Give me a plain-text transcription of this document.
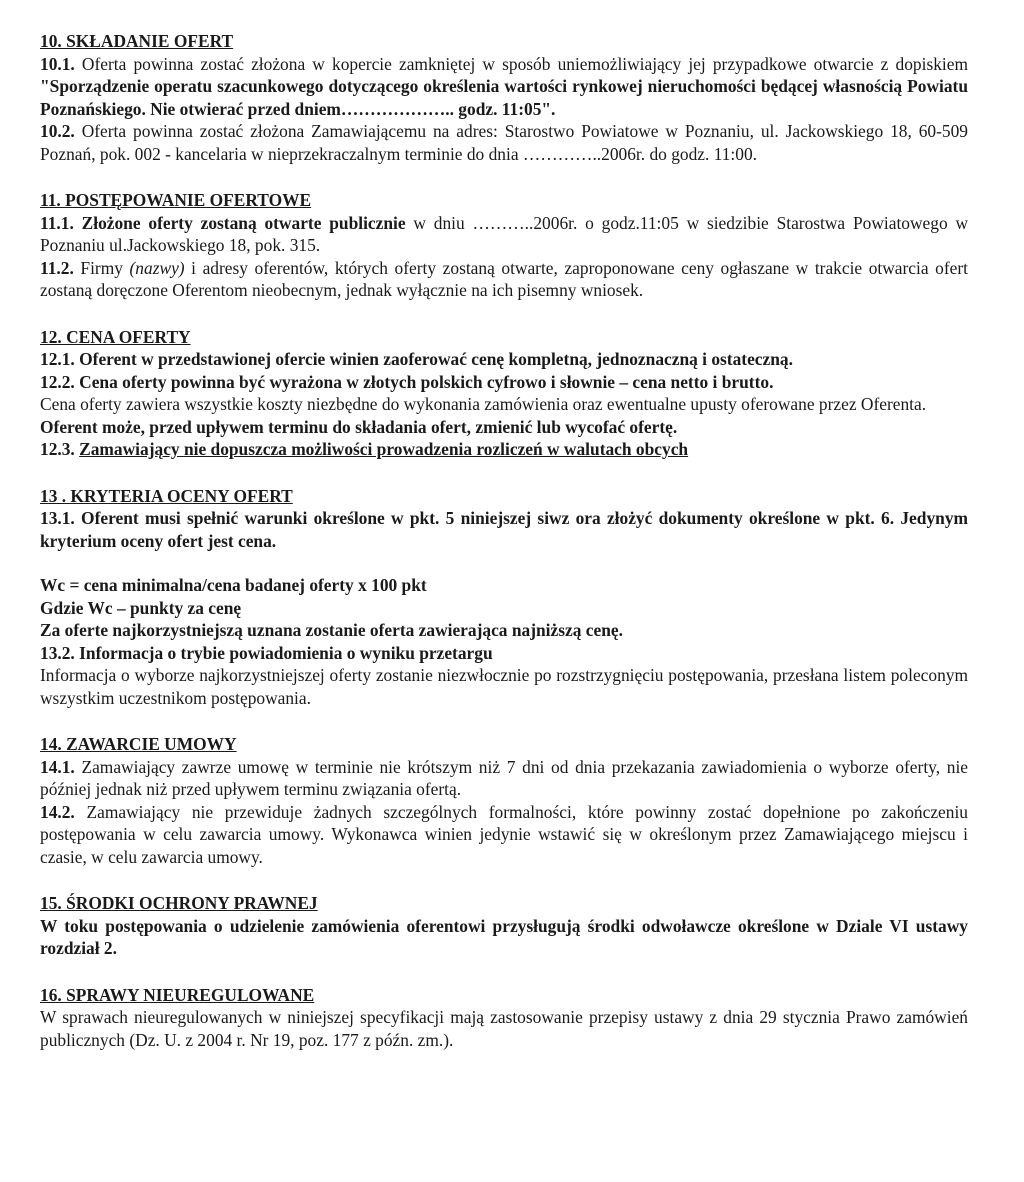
10. SKŁADANIE OFERT

10.1. Oferta powinna zostać złożona w kopercie zamkniętej w sposób uniemożliwiający jej przypadkowe otwarcie z dopiskiem "Sporządzenie operatu szacunkowego dotyczącego określenia wartości rynkowej nieruchomości będącej własnością Powiatu Poznańskiego. Nie otwierać przed dniem……………….. godz. 11:05".

10.2. Oferta powinna zostać złożona Zamawiającemu na adres: Starostwo Powiatowe w Poznaniu, ul. Jackowskiego 18, 60-509 Poznań, pok. 002 - kancelaria w nieprzekraczalnym terminie do dnia …………..2006r. do godz. 11:00.

11. POSTĘPOWANIE OFERTOWE

11.1. Złożone oferty zostaną otwarte publicznie w dniu ………..2006r. o godz.11:05 w siedzibie Starostwa Powiatowego w Poznaniu ul.Jackowskiego 18, pok. 315.

11.2. Firmy (nazwy) i adresy oferentów, których oferty zostaną otwarte, zaproponowane ceny ogłaszane w trakcie otwarcia ofert zostaną doręczone Oferentom nieobecnym, jednak wyłącznie na ich pisemny wniosek.

12. CENA OFERTY

12.1. Oferent w przedstawionej ofercie winien zaoferować cenę kompletną, jednoznaczną i ostateczną.

12.2. Cena oferty powinna być wyrażona w złotych polskich cyfrowo i słownie – cena netto i brutto.

Cena oferty zawiera wszystkie koszty niezbędne do wykonania zamówienia oraz ewentualne upusty oferowane przez Oferenta.

Oferent może, przed upływem terminu do składania ofert, zmienić lub wycofać ofertę.

12.3. Zamawiający nie dopuszcza możliwości prowadzenia rozliczeń w walutach obcych

13 . KRYTERIA OCENY OFERT

13.1. Oferent musi spełnić warunki określone w pkt. 5 niniejszej siwz ora złożyć dokumenty określone w pkt. 6. Jedynym kryterium oceny ofert jest cena.

Wc = cena minimalna/cena badanej oferty x 100 pkt

Gdzie Wc – punkty za cenę

Za oferte najkorzystniejszą uznana zostanie oferta zawierająca najniższą cenę.

13.2. Informacja o trybie powiadomienia o wyniku przetargu

Informacja o wyborze najkorzystniejszej oferty zostanie niezwłocznie po rozstrzygnięciu postępowania, przesłana listem poleconym wszystkim uczestnikom postępowania.

14. ZAWARCIE UMOWY

14.1. Zamawiający zawrze umowę w terminie nie krótszym niż 7 dni od dnia przekazania zawiadomienia o wyborze oferty, nie później jednak niż przed upływem terminu związania ofertą.

14.2. Zamawiający nie przewiduje żadnych szczególnych formalności, które powinny zostać dopełnione po zakończeniu postępowania w celu zawarcia umowy. Wykonawca winien jedynie wstawić się w określonym przez Zamawiającego miejscu i czasie, w celu zawarcia umowy.

15. ŚRODKI OCHRONY PRAWNEJ

W toku postępowania o udzielenie zamówienia oferentowi przysługują środki odwoławcze określone w Dziale VI ustawy rozdział 2.

16. SPRAWY NIEUREGULOWANE

W sprawach nieuregulowanych w niniejszej specyfikacji mają zastosowanie przepisy ustawy z dnia 29 stycznia Prawo zamówień publicznych (Dz. U. z 2004 r. Nr 19, poz. 177 z późn. zm.).
